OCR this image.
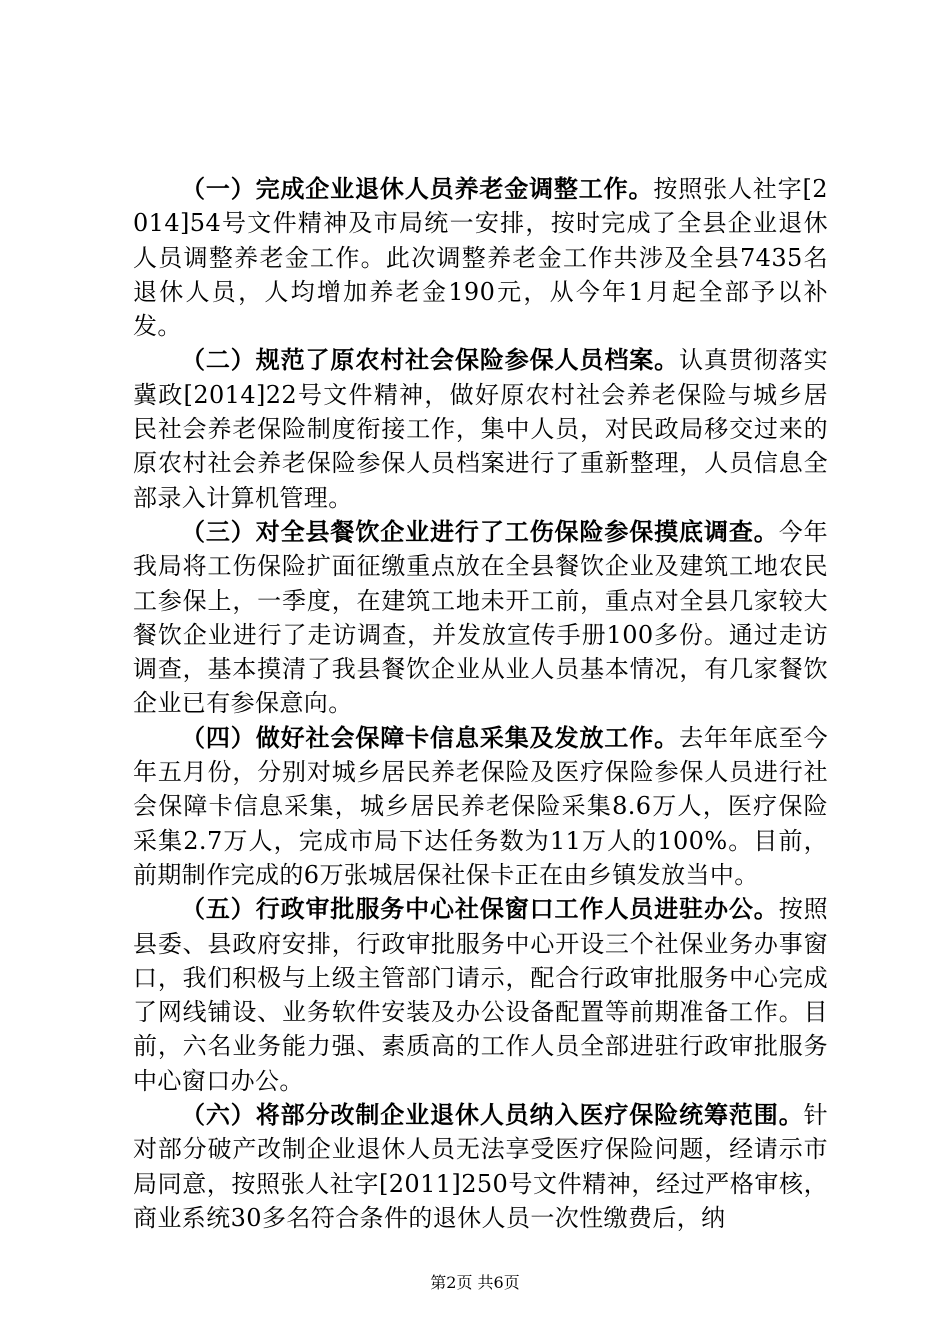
（一）完成企业退休人员养老金调整工作。按照张人社字[2014]54号文件精神及市局统一安排，按时完成了全县企业退休人员调整养老金工作。此次调整养老金工作共涉及全县7435名退休人员，人均增加养老金190元，从今年1月起全部予以补发。

（二）规范了原农村社会保险参保人员档案。认真贯彻落实冀政[2014]22号文件精神，做好原农村社会养老保险与城乡居民社会养老保险制度衔接工作，集中人员，对民政局移交过来的原农村社会养老保险参保人员档案进行了重新整理，人员信息全部录入计算机管理。

（三）对全县餐饮企业进行了工伤保险参保摸底调查。今年我局将工伤保险扩面征缴重点放在全县餐饮企业及建筑工地农民工参保上，一季度，在建筑工地未开工前，重点对全县几家较大餐饮企业进行了走访调查，并发放宣传手册100多份。通过走访调查，基本摸清了我县餐饮企业从业人员基本情况，有几家餐饮企业已有参保意向。

（四）做好社会保障卡信息采集及发放工作。去年年底至今年五月份，分别对城乡居民养老保险及医疗保险参保人员进行社会保障卡信息采集，城乡居民养老保险采集8.6万人，医疗保险采集2.7万人，完成市局下达任务数为11万人的100%。目前，前期制作完成的6万张城居保社保卡正在由乡镇发放当中。

（五）行政审批服务中心社保窗口工作人员进驻办公。按照县委、县政府安排，行政审批服务中心开设三个社保业务办事窗口，我们积极与上级主管部门请示，配合行政审批服务中心完成了网线铺设、业务软件安装及办公设备配置等前期准备工作。目前，六名业务能力强、素质高的工作人员全部进驻行政审批服务中心窗口办公。

（六）将部分改制企业退休人员纳入医疗保险统筹范围。针对部分破产改制企业退休人员无法享受医疗保险问题，经请示市局同意，按照张人社字[2011]250号文件精神，经过严格审核，商业系统30多名符合条件的退休人员一次性缴费后，纳

第2页 共6页
